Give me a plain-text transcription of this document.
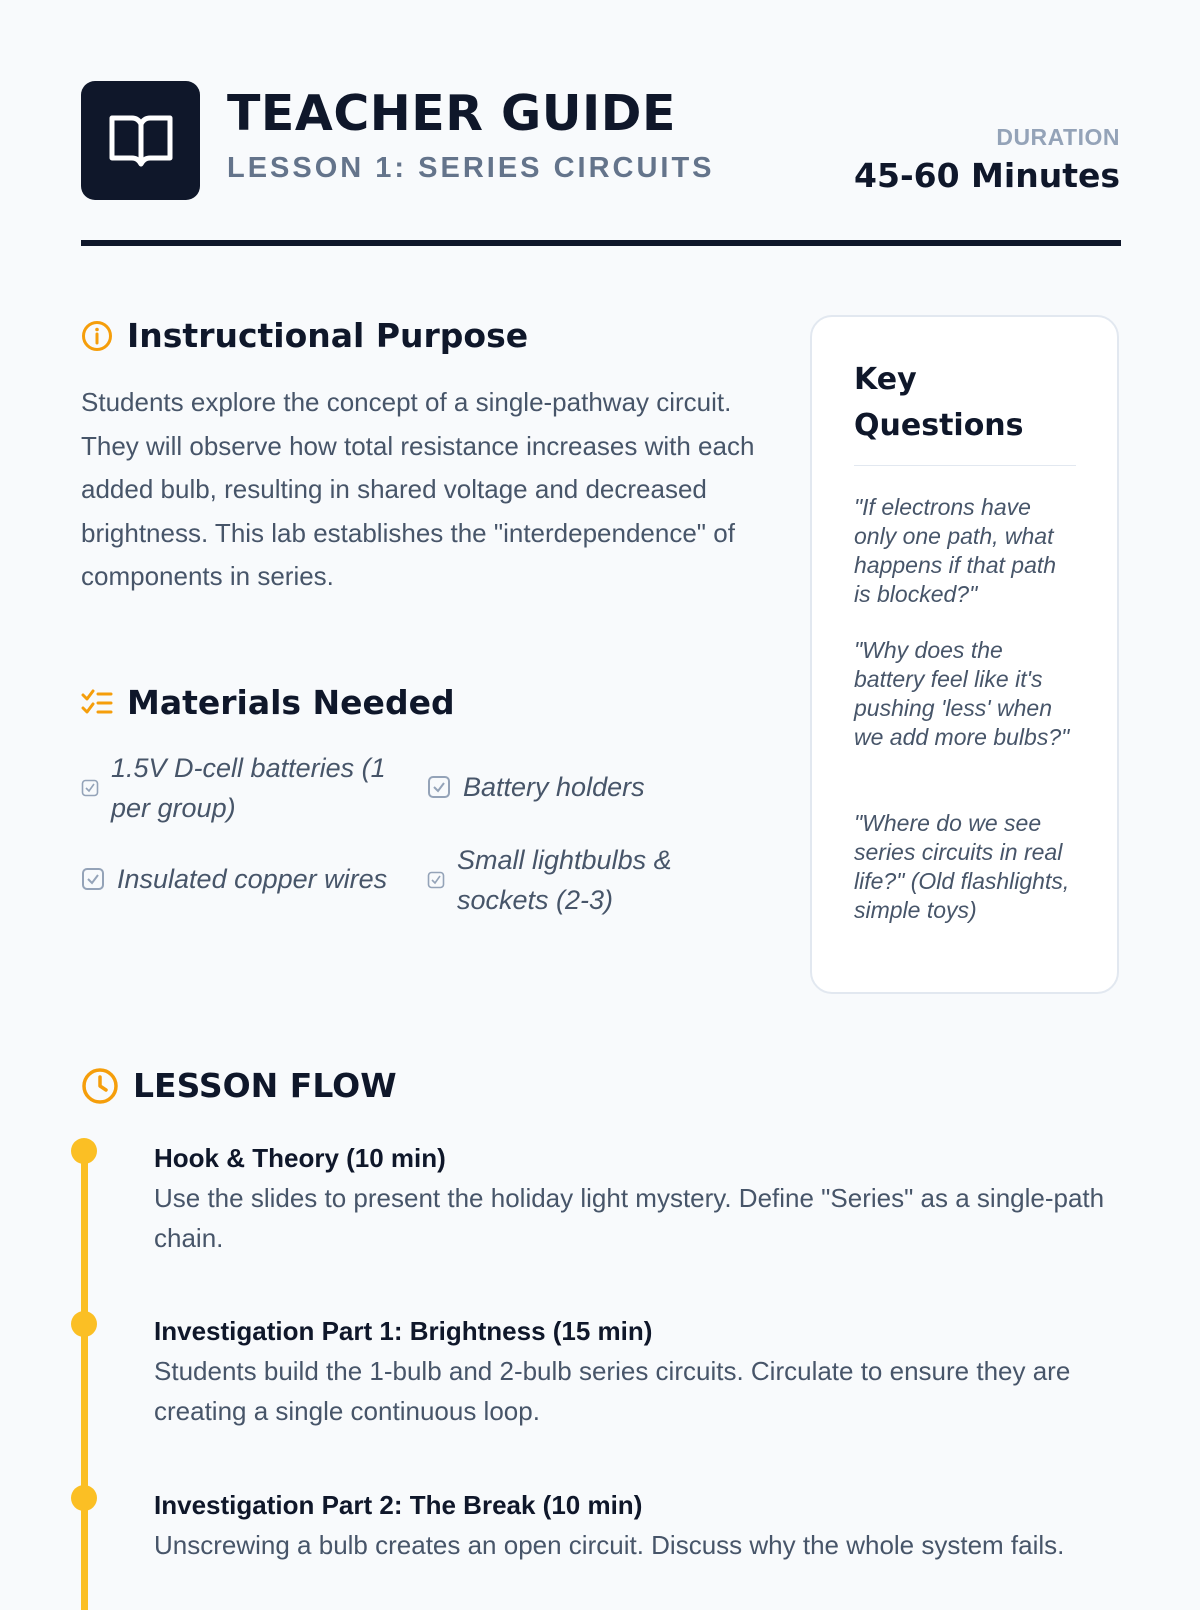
TEACHER GUIDE
LESSON 1: SERIES CIRCUITS
DURATION
45-60 Minutes
Instructional Purpose
Students explore the concept of a single-pathway circuit. They will observe how total resistance increases with each added bulb, resulting in shared voltage and decreased brightness. This lab establishes the "interdependence" of components in series.
Materials Needed
1.5V D-cell batteries (1 per group)
Battery holders
Insulated copper wires
Small lightbulbs & sockets (2-3)
Key Questions
"If electrons have only one path, what happens if that path is blocked?"
"Why does the battery feel like it's pushing 'less' when we add more bulbs?"
"Where do we see series circuits in real life?" (Old flashlights, simple toys)
LESSON FLOW
Hook & Theory (10 min)
Use the slides to present the holiday light mystery. Define "Series" as a single-path chain.
Investigation Part 1: Brightness (15 min)
Students build the 1-bulb and 2-bulb series circuits. Circulate to ensure they are creating a single continuous loop.
Investigation Part 2: The Break (10 min)
Unscrewing a bulb creates an open circuit. Discuss why the whole system fails.
